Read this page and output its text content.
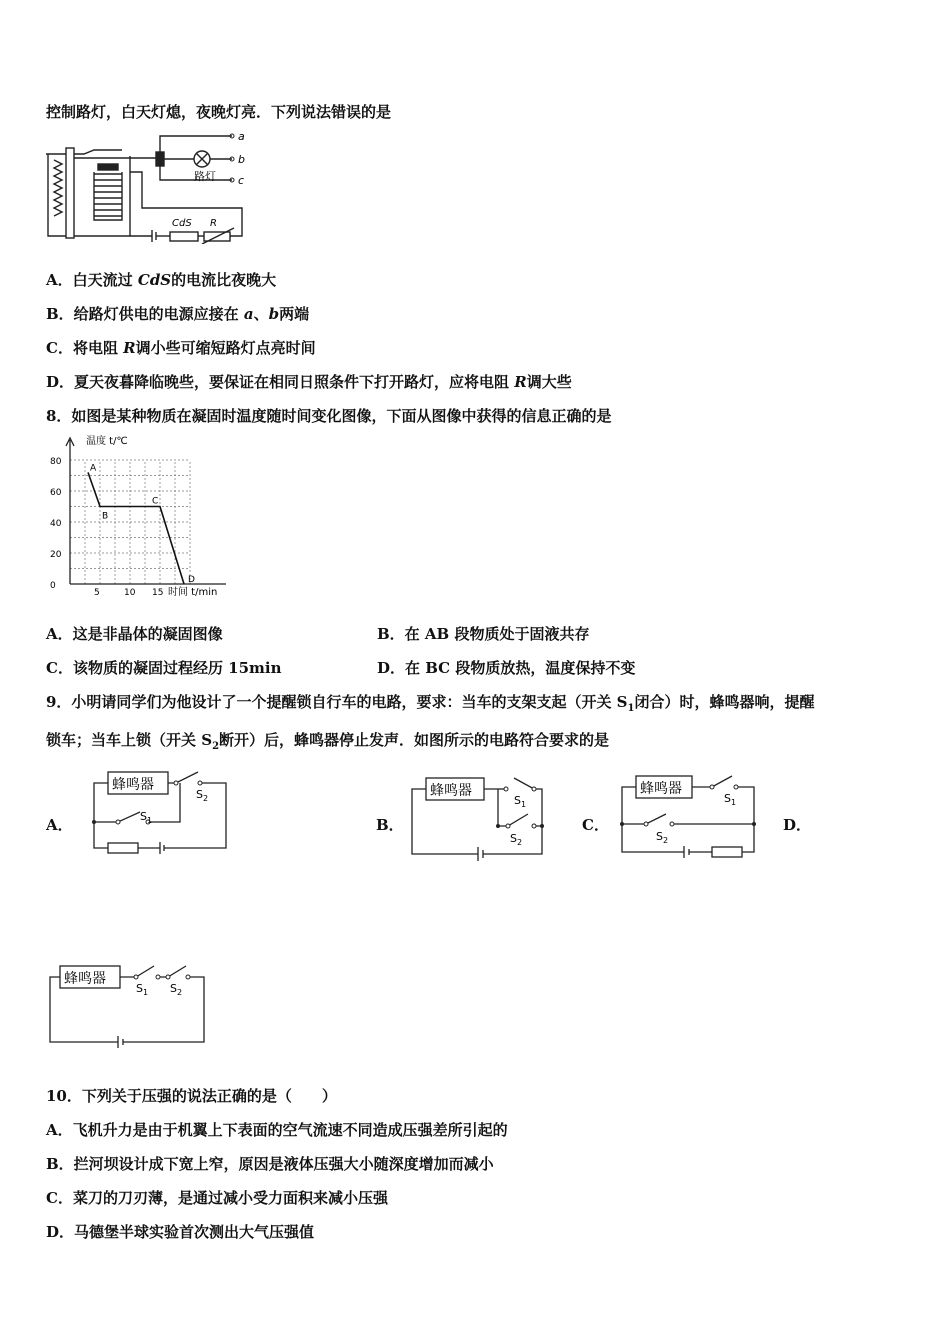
控制路灯，白天灯熄，夜晚灯亮．下列说法错误的是
a
b
c
路灯
CdS R
A．白天流过 CdS的电流比夜晚大
B．给路灯供电的电源应接在 a、b两端
C．将电阻 R调小些可缩短路灯点亮时间
D．夏天夜暮降临晚些，要保证在相同日照条件下打开路灯，应将电阻 R调大些
8．如图是某种物质在凝固时温度随时间变化图像，下面从图像中获得的信息正确的是
温度 t/℃
时间 t/min
0
20
40
60
80
5	10 15
A
B
C
D
A．这是非晶体的凝固图像	B．在 AB 段物质处于固液共存
C．该物质的凝固过程经历 15min	D．在 BC 段物质放热，温度保持不变
9．小明请同学们为他设计了一个提醒锁自行车的电路，要求：当车的支架支起（开关 $S_1$闭合）时，蜂鸣器响，提醒
锁车；当车上锁（开关 $S_2$断开）后，蜂鸣器停止发声．如图所示的电路符合要求的是
A．	B．	C．	D．
蜂鸣器
$S_2$
$S_1$
蜂鸣器
$S_1$
$S_2$
蜂鸣器
$S_1$
$S_2$
蜂鸣器
$S_1$ $S_2$
10．下列关于压强的说法正确的是（　　）
A．飞机升力是由于机翼上下表面的空气流速不同造成压强差所引起的
B．拦河坝设计成下宽上窄，原因是液体压强大小随深度增加而减小
C．菜刀的刀刃薄，是通过减小受力面积来减小压强
D．马德堡半球实验首次测出大气压强值
